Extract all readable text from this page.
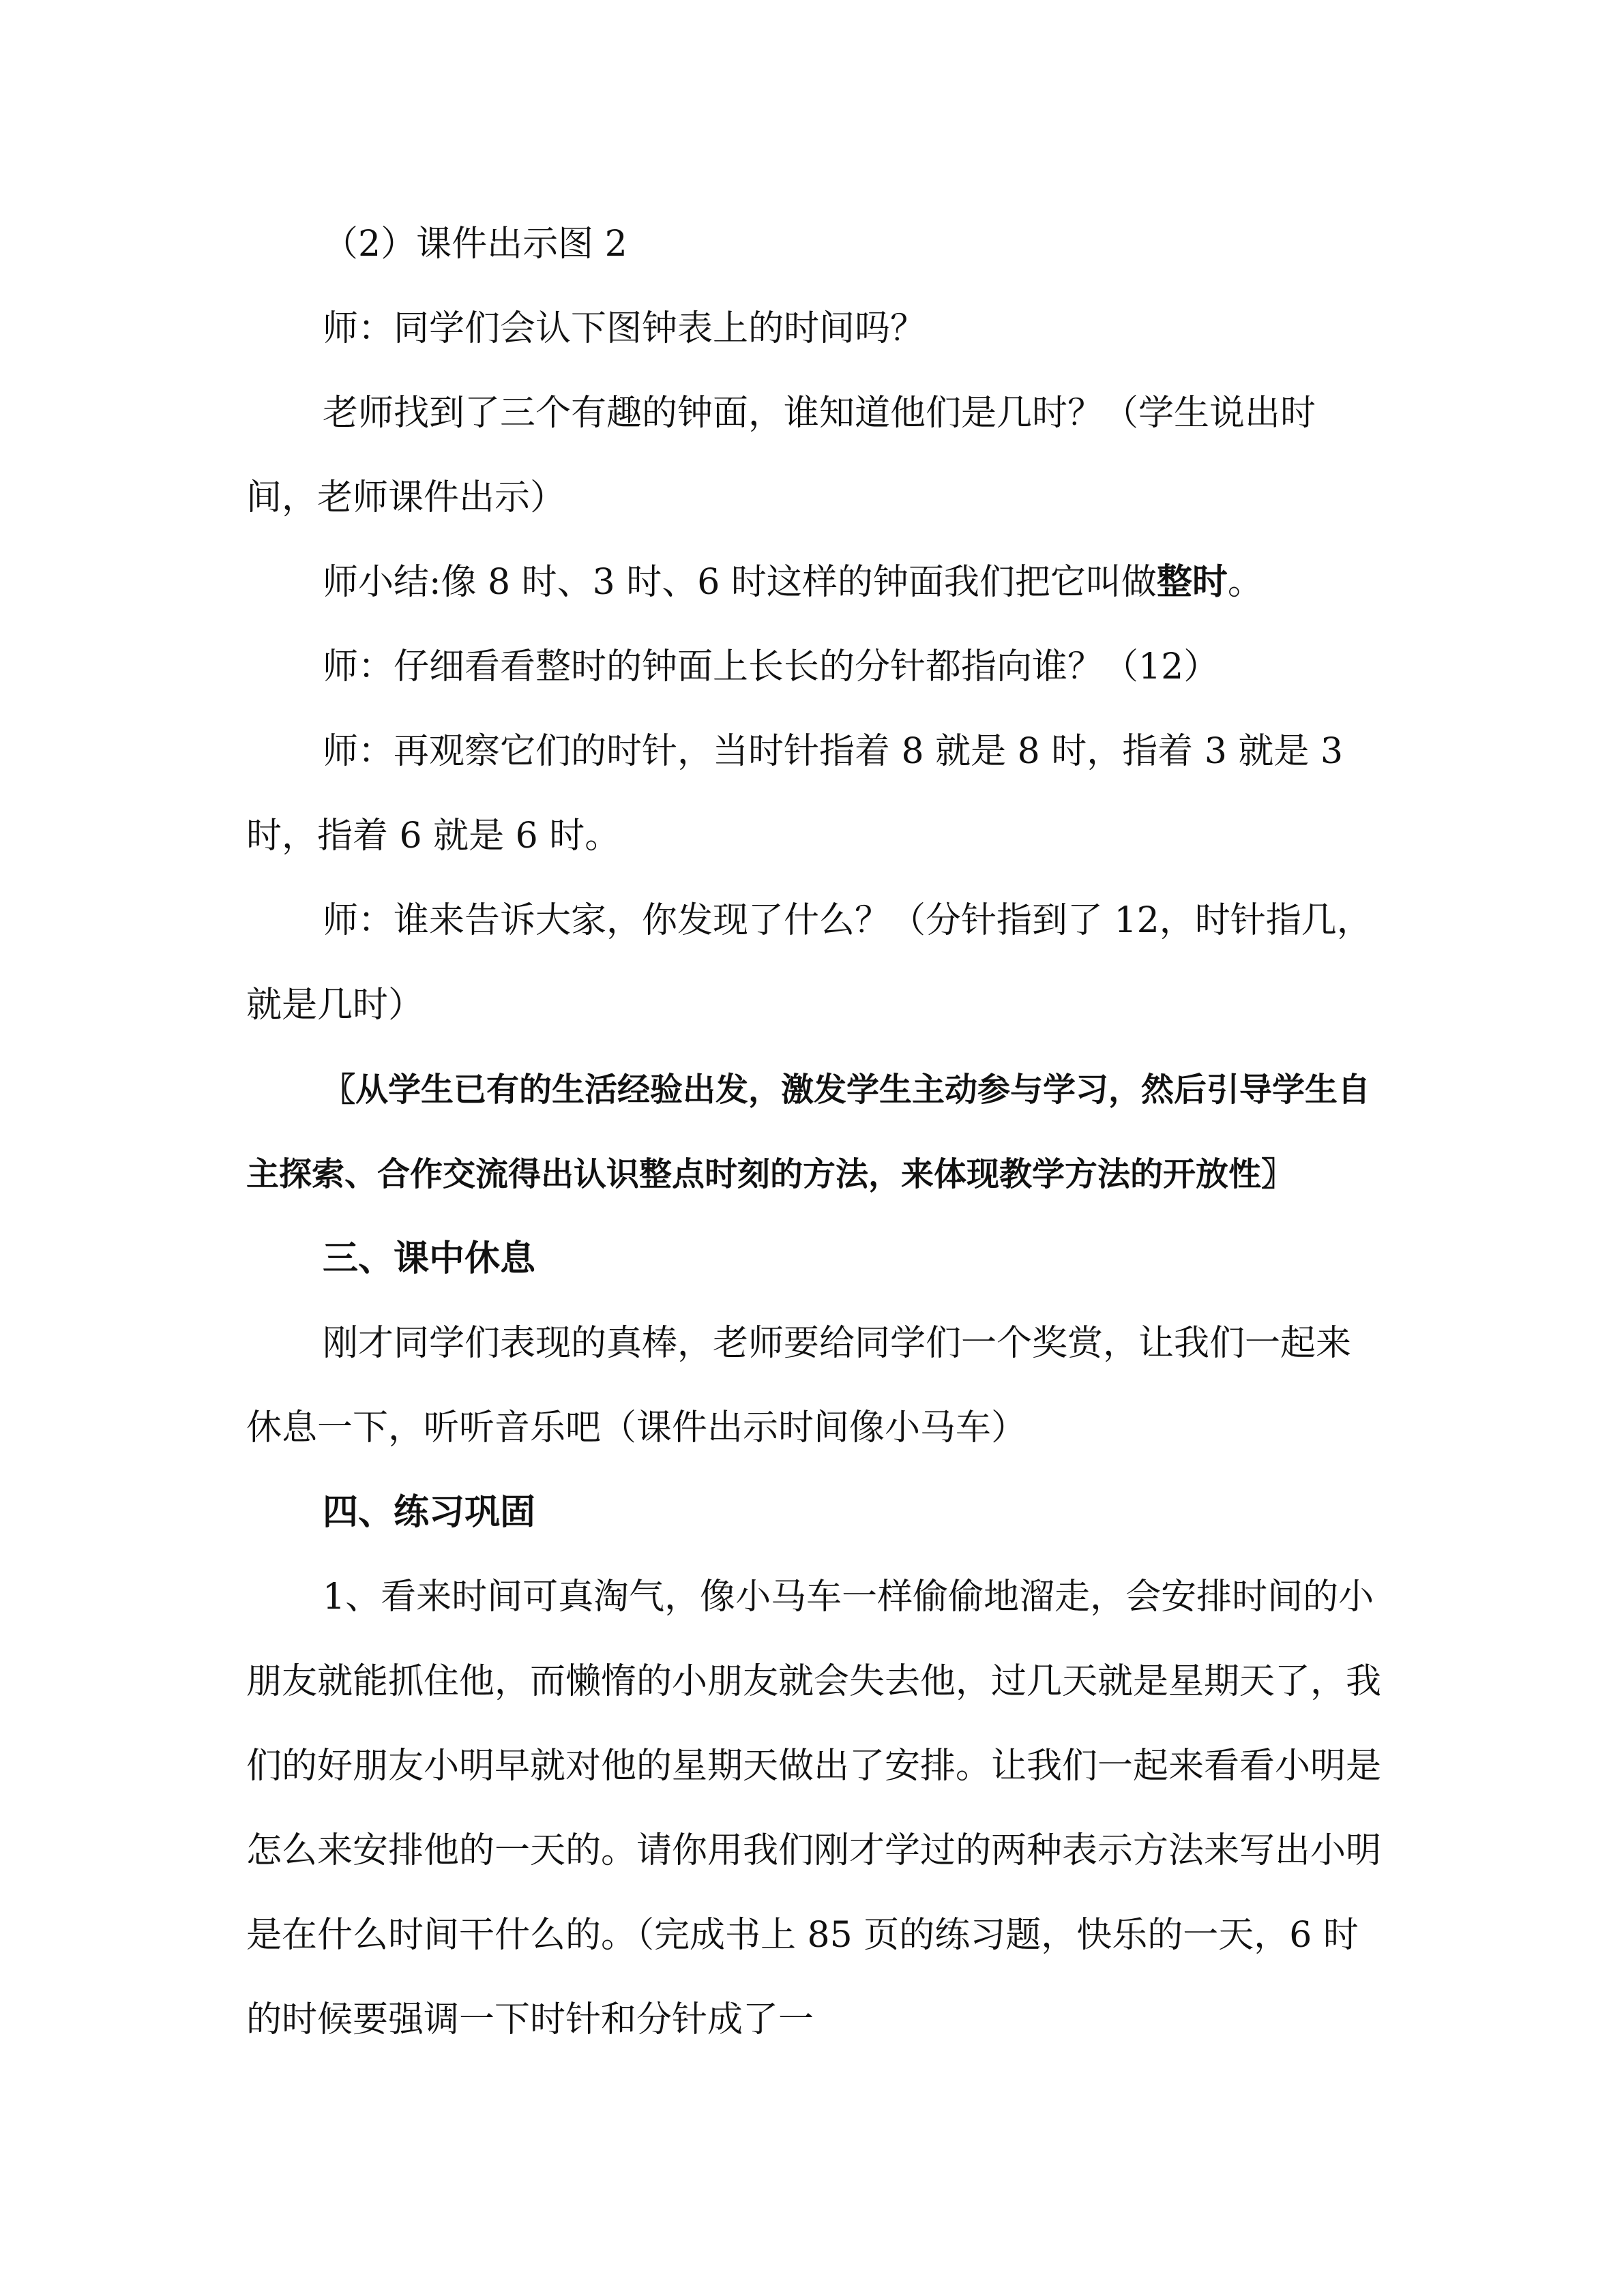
（2）课件出示图 2

师：同学们会认下图钟表上的时间吗？

老师找到了三个有趣的钟面，谁知道他们是几时？（学生说出时间，老师课件出示）

师小结:像 8 时、3 时、6 时这样的钟面我们把它叫做整时。

师：仔细看看整时的钟面上长长的分针都指向谁？（12）

师：再观察它们的时针，当时针指着 8 就是 8 时，指着 3 就是 3 时，指着 6 就是 6 时。

师：谁来告诉大家，你发现了什么？（分针指到了 12，时针指几，就是几时）

〖从学生已有的生活经验出发，激发学生主动参与学习，然后引导学生自主探索、合作交流得出认识整点时刻的方法，来体现教学方法的开放性〗

三、课中休息

刚才同学们表现的真棒，老师要给同学们一个奖赏，让我们一起来休息一下，听听音乐吧（课件出示时间像小马车）

四、练习巩固

1、看来时间可真淘气，像小马车一样偷偷地溜走，会安排时间的小朋友就能抓住他，而懒惰的小朋友就会失去他，过几天就是星期天了，我们的好朋友小明早就对他的星期天做出了安排。让我们一起来看看小明是怎么来安排他的一天的。请你用我们刚才学过的两种表示方法来写出小明是在什么时间干什么的。（完成书上 85 页的练习题，快乐的一天，6 时的时候要强调一下时针和分针成了一
